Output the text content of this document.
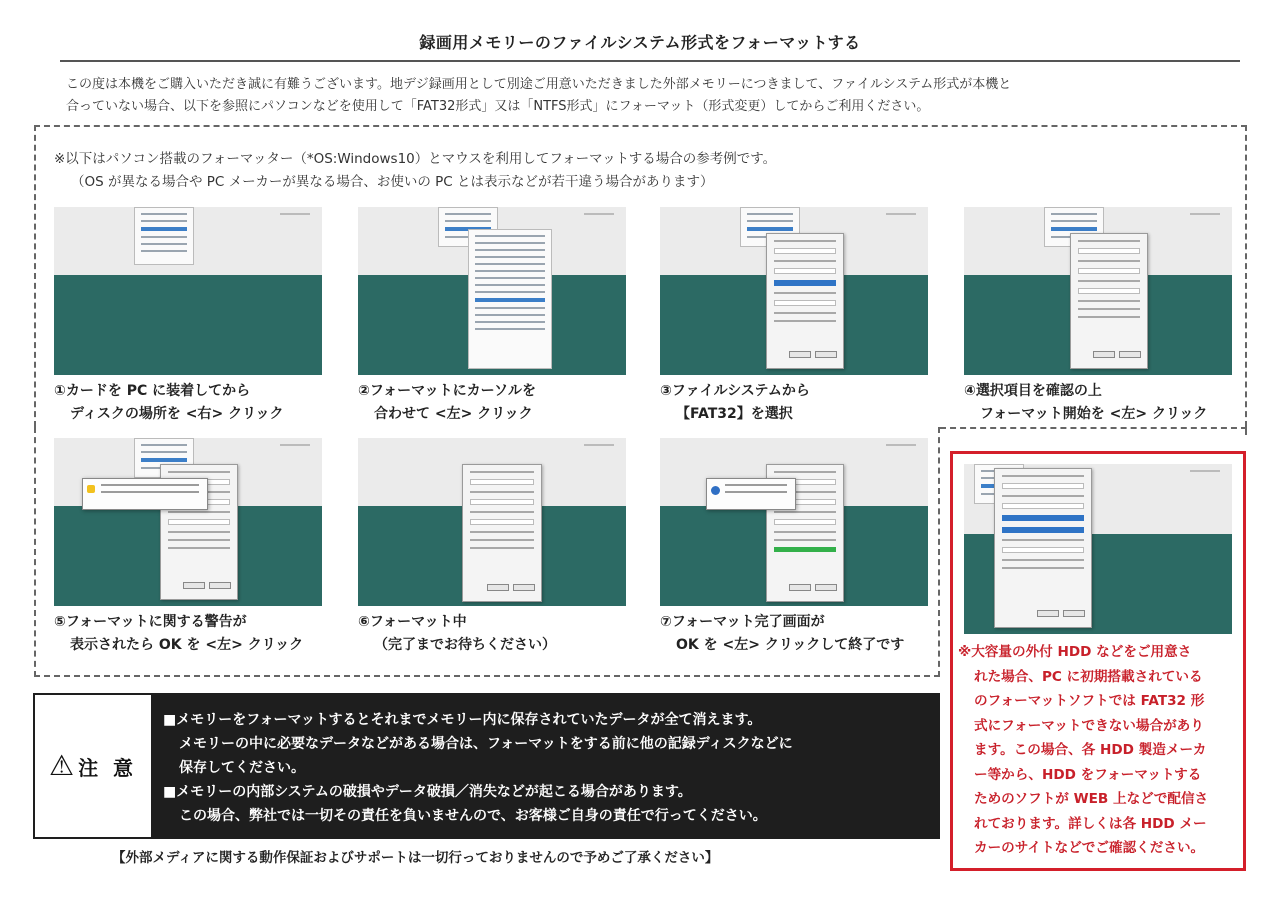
録画用メモリーのファイルシステム形式をフォーマットする
この度は本機をご購入いただき誠に有難うございます。地デジ録画用として別途ご用意いただきました外部メモリーにつきまして、ファイルシステム形式が本機と
合っていない場合、以下を参照にパソコンなどを使用して「FAT32形式」又は「NTFS形式」にフォーマット（形式変更）してからご利用ください。
※以下はパソコン搭載のフォーマッター（*OS:Windows10）とマウスを利用してフォーマットする場合の参考例です。
（OS が異なる場合や PC メーカーが異なる場合、お使いの PC とは表示などが若干違う場合があります）
①カードを PC に装着してから
ディスクの場所を <右> クリック
②フォーマットにカーソルを
合わせて <左> クリック
③ファイルシステムから
【FAT32】を選択
④選択項目を確認の上
フォーマット開始を <左> クリック
⑤フォーマットに関する警告が
表示されたら OK を <左> クリック
⑥フォーマット中
（完了までお待ちください）
⑦フォーマット完了画面が
OK を <左> クリックして終了です	※大容量の外付 HDD などをご用意さ
れた場合、PC に初期搭載されている
のフォーマットソフトでは FAT32 形
式にフォーマットできない場合があり
ます。この場合、各 HDD 製造メーカ
ー等から、HDD をフォーマットする
ためのソフトが WEB 上などで配信さ
れております。詳しくは各 HDD メー
カーのサイトなどでご確認ください。
⚠ 注 意
■メモリーをフォーマットするとそれまでメモリー内に保存されていたデータが全て消えます。
メモリーの中に必要なデータなどがある場合は、フォーマットをする前に他の記録ディスクなどに
保存してください。
■メモリーの内部システムの破損やデータ破損／消失などが起こる場合があります。
この場合、弊社では一切その責任を負いませんので、お客様ご自身の責任で行ってください。
【外部メディアに関する動作保証およびサポートは一切行っておりませんので予めご了承ください】
